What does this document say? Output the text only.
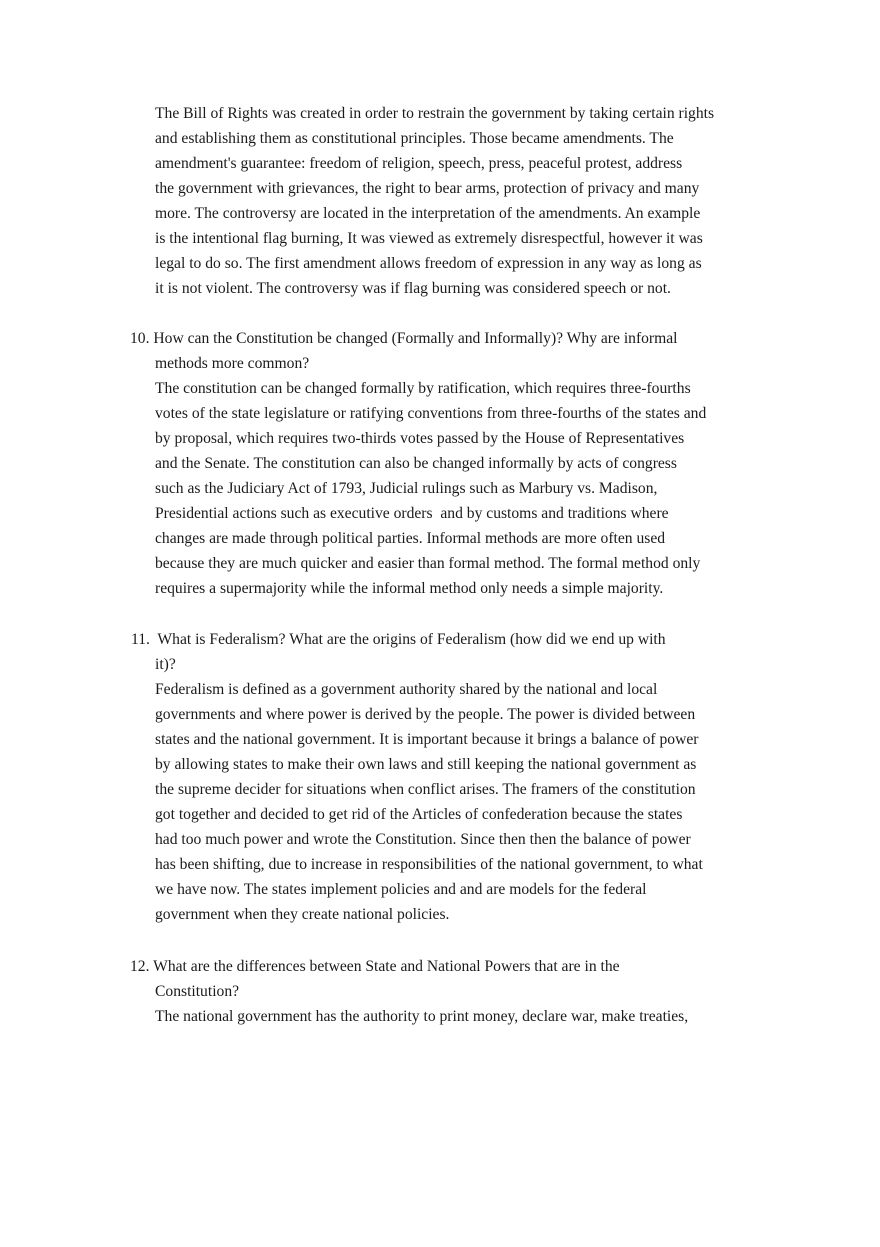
The Bill of Rights was created in order to restrain the government by taking certain rights
and establishing them as constitutional principles. Those became amendments. The
amendment's guarantee: freedom of religion, speech, press, peaceful protest, address
the government with grievances, the right to bear arms, protection of privacy and many
more. The controversy are located in the interpretation of the amendments. An example
is the intentional flag burning, It was viewed as extremely disrespectful, however it was
legal to do so. The first amendment allows freedom of expression in any way as long as
it is not violent. The controversy was if flag burning was considered speech or not.
10. How can the Constitution be changed (Formally and Informally)? Why are informal
methods more common?
The constitution can be changed formally by ratification, which requires three-fourths
votes of the state legislature or ratifying conventions from three-fourths of the states and
by proposal, which requires two-thirds votes passed by the House of Representatives
and the Senate. The constitution can also be changed informally by acts of congress
such as the Judiciary Act of 1793, Judicial rulings such as Marbury vs. Madison,
Presidential actions such as executive orders  and by customs and traditions where
changes are made through political parties. Informal methods are more often used
because they are much quicker and easier than formal method. The formal method only
requires a supermajority while the informal method only needs a simple majority.
11.  What is Federalism? What are the origins of Federalism (how did we end up with
it)?
Federalism is defined as a government authority shared by the national and local
governments and where power is derived by the people. The power is divided between
states and the national government. It is important because it brings a balance of power
by allowing states to make their own laws and still keeping the national government as
the supreme decider for situations when conflict arises. The framers of the constitution
got together and decided to get rid of the Articles of confederation because the states
had too much power and wrote the Constitution. Since then then the balance of power
has been shifting, due to increase in responsibilities of the national government, to what
we have now. The states implement policies and and are models for the federal
government when they create national policies.
12. What are the differences between State and National Powers that are in the
Constitution?
The national government has the authority to print money, declare war, make treaties,
